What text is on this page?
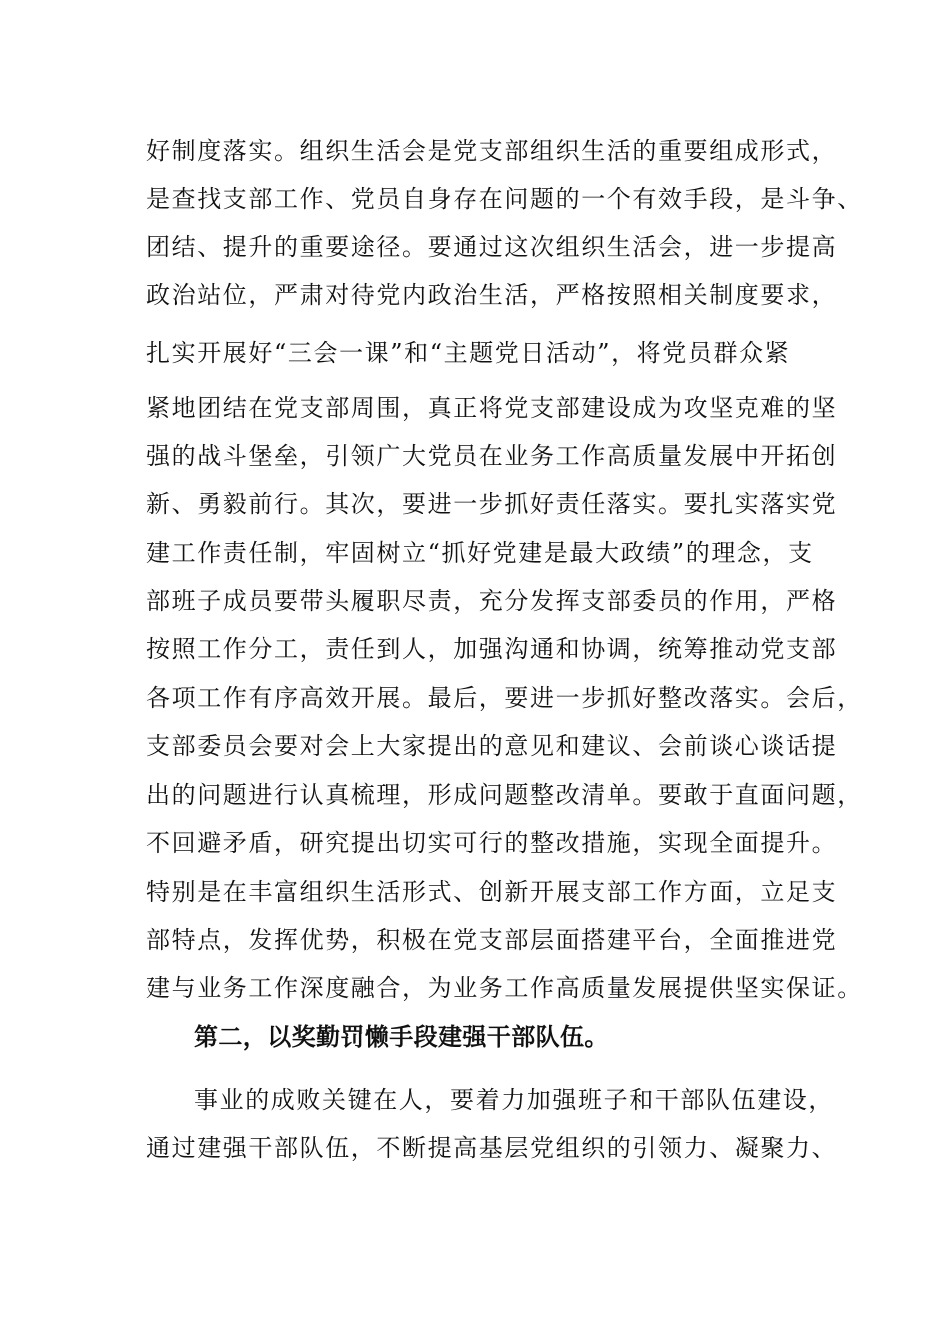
好制度落实。组织生活会是党支部组织生活的重要组成形式，
是查找支部工作、党员自身存在问题的一个有效手段，是斗争、
团结、提升的重要途径。要通过这次组织生活会，进一步提高
政治站位，严肃对待党内政治生活，严格按照相关制度要求，
扎实开展好“三会一课”和“主题党日活动”，将党员群众紧
紧地团结在党支部周围，真正将党支部建设成为攻坚克难的坚
强的战斗堡垒，引领广大党员在业务工作高质量发展中开拓创
新、勇毅前行。其次，要进一步抓好责任落实。要扎实落实党
建工作责任制，牢固树立“抓好党建是最大政绩”的理念，支
部班子成员要带头履职尽责，充分发挥支部委员的作用，严格
按照工作分工，责任到人，加强沟通和协调，统筹推动党支部
各项工作有序高效开展。最后，要进一步抓好整改落实。会后，
支部委员会要对会上大家提出的意见和建议、会前谈心谈话提
出的问题进行认真梳理，形成问题整改清单。要敢于直面问题，
不回避矛盾，研究提出切实可行的整改措施，实现全面提升。
特别是在丰富组织生活形式、创新开展支部工作方面，立足支
部特点，发挥优势，积极在党支部层面搭建平台，全面推进党
建与业务工作深度融合，为业务工作高质量发展提供坚实保证。
第二，以奖勤罚懒手段建强干部队伍。
事业的成败关键在人，要着力加强班子和干部队伍建设，
通过建强干部队伍，不断提高基层党组织的引领力、凝聚力、
